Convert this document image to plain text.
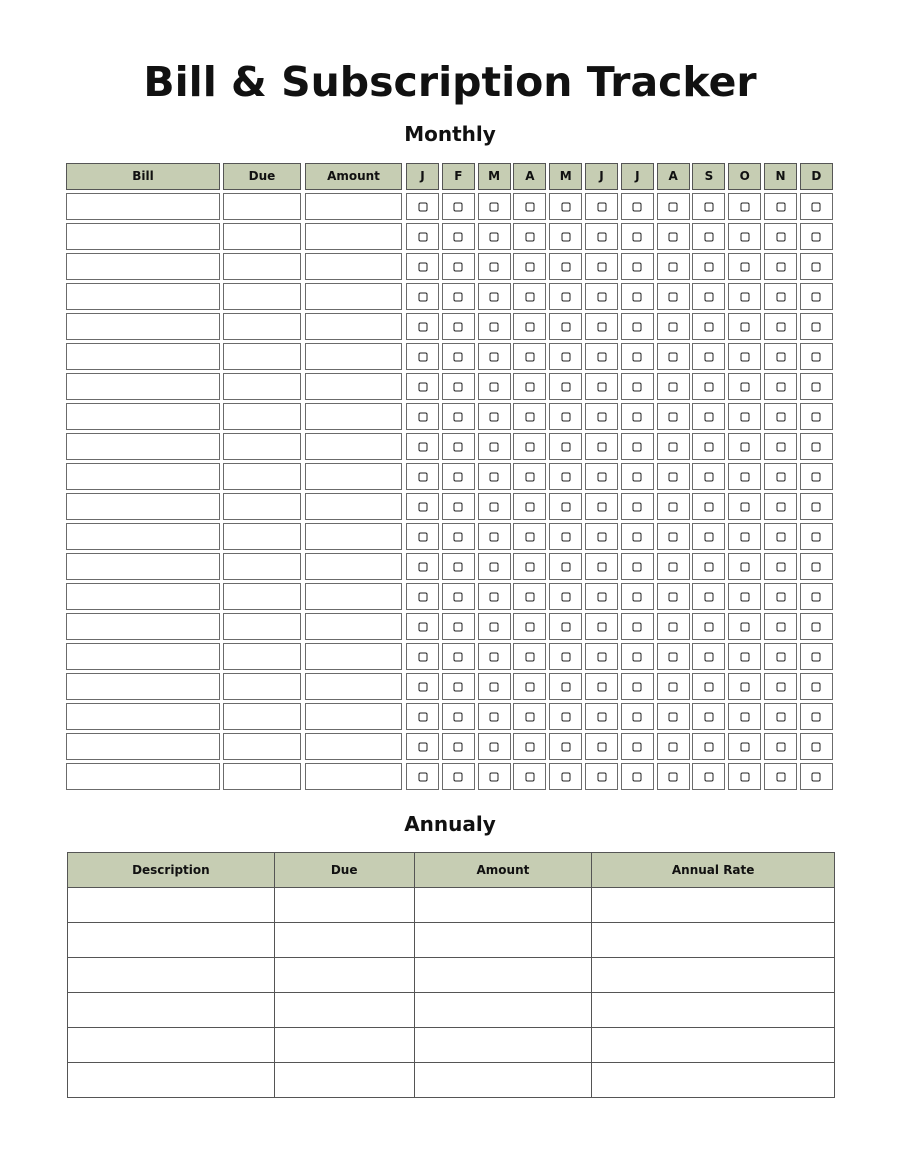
Bill & Subscription Tracker
Monthly
Bill	Due	Amount	J	F	M	A	M	J	J	A	S	O	N	D
Annualy
Description	Due	Amount	Annual Rate
